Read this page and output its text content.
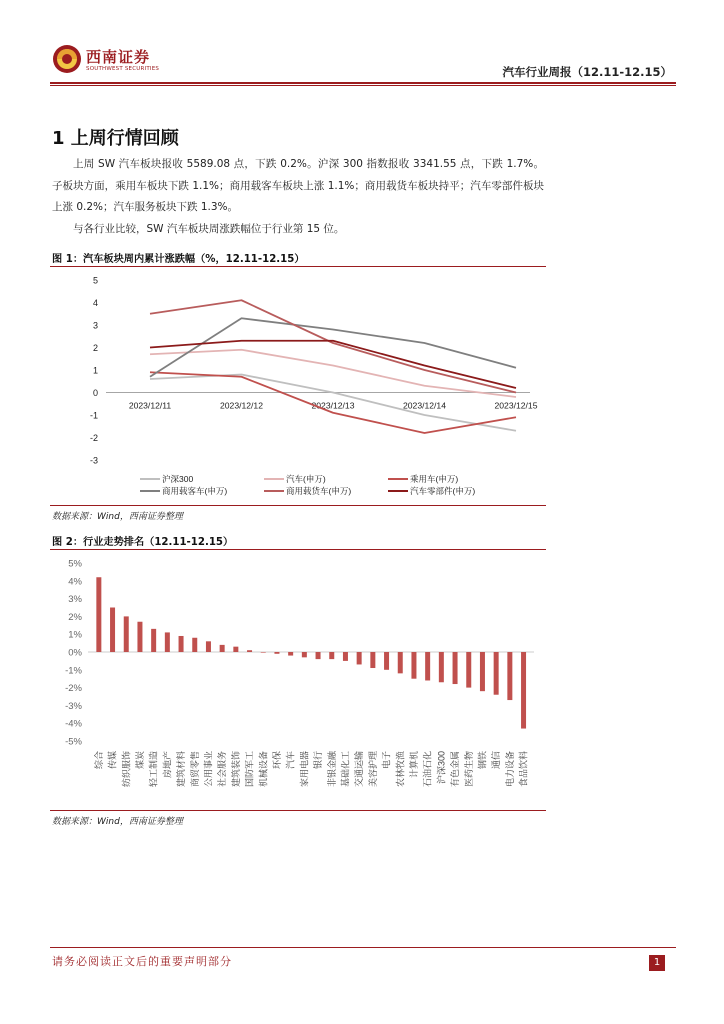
西南证券
SOUTHWEST SECURITIES	汽车行业周报（12.11-12.15）
1 上周行情回顾
上周 SW 汽车板块报收 5589.08 点，下跌 0.2%。沪深 300 指数报收 3341.55 点，下跌 1.7%。子板块方面，乘用车板块下跌 1.1%；商用载客车板块上涨 1.1%；商用载货车板块持平；汽车零部件板块上涨 0.2%；汽车服务板块下跌 1.3%。
与各行业比较，SW 汽车板块周涨跌幅位于行业第 15 位。
图 1：汽车板块周内累计涨跌幅（%，12.11-12.15）
5
4
3
2
1
0
-1
-2
-3
2023/12/11	2023/12/12	2023/12/13	2023/12/14	2023/12/15
沪深300	汽车(申万)	乘用车(申万)
商用载客车(申万)	商用载货车(申万)	汽车零部件(申万)
数据来源：Wind，西南证券整理
图 2：行业走势排名（12.11-12.15）
5%
4%
3%
2%
1%
0%
-1%
-2%
-3%
-4%
-5%
综合 传媒 纺织服饰 煤炭 轻工制造 房地产 建筑材料 商贸零售 公用事业 社会服务 建筑装饰 国防军工 机械设备 环保 汽车 家用电器 银行 非银金融 基础化工 交通运输 美容护理 电子 农林牧渔 计算机 石油石化 沪深300 有色金属 医药生物 钢铁 通信 电力设备 食品饮料
数据来源：Wind，西南证券整理
请务必阅读正文后的重要声明部分	1
